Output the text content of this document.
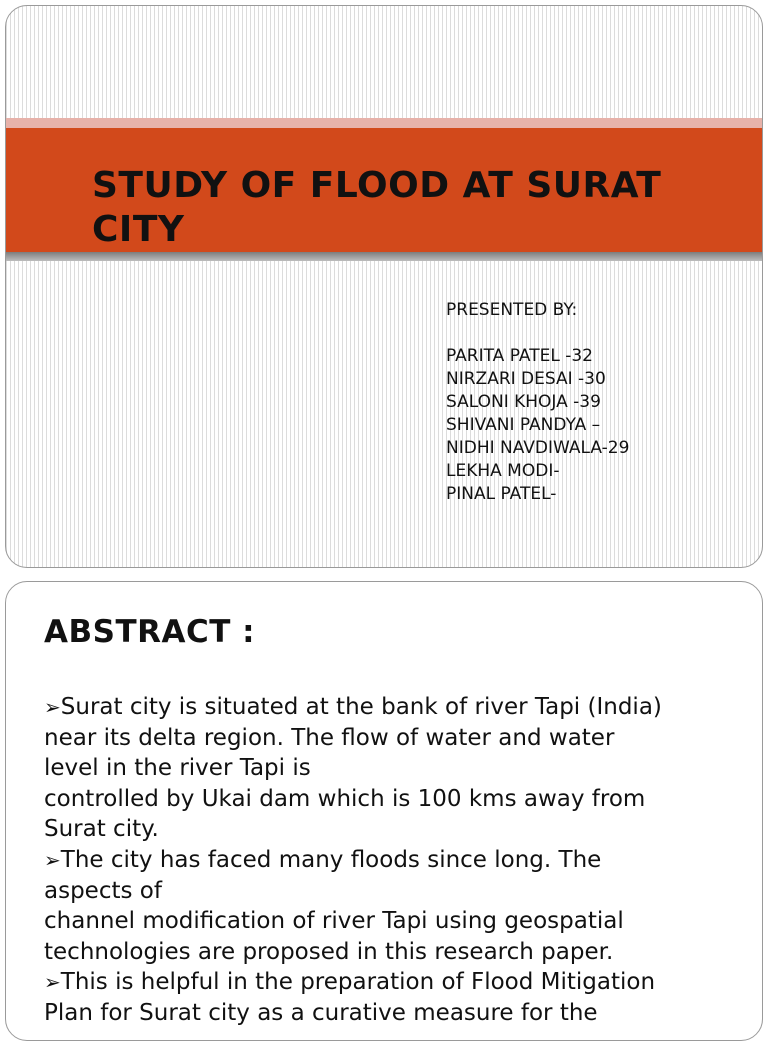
STUDY OF FLOOD AT SURAT
CITY
PRESENTED BY:
PARITA PATEL -32
NIRZARI DESAI -30
SALONI KHOJA -39
SHIVANI PANDYA –
NIDHI NAVDIWALA-29
LEKHA MODI-
PINAL PATEL-
ABSTRACT :
➢Surat city is situated at the bank of river Tapi (India)
near its delta region. The flow of water and water
level in the river Tapi is
controlled by Ukai dam which is 100 kms away from
Surat city.
➢The city has faced many floods since long. The
aspects of
channel modification of river Tapi using geospatial
technologies are proposed in this research paper.
➢This is helpful in the preparation of Flood Mitigation
Plan for Surat city as a curative measure for the
